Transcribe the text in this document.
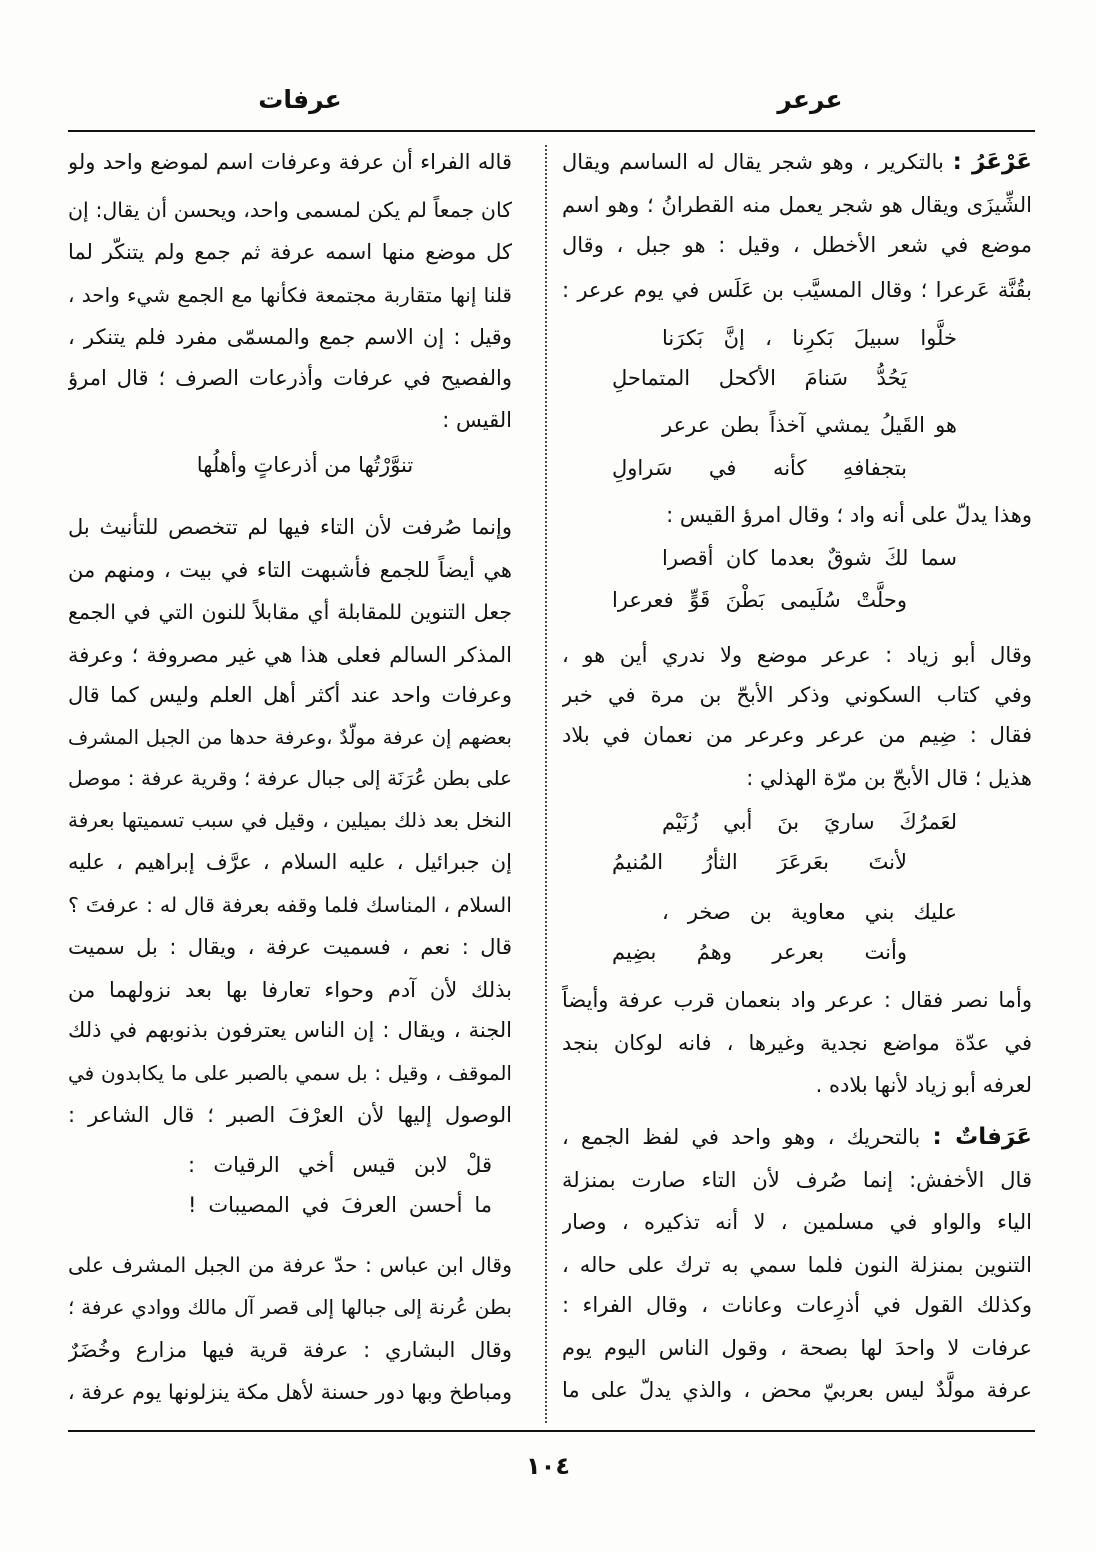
عرعر
عرفات
عَرْعَرُ : بالتكرير ، وهو شجر يقال له الساسم ويقال
الشِّيزَى ويقال هو شجر يعمل منه القطرانُ ؛ وهو اسم
موضع في شعر الأخطل ، وقيل : هو جبل ، وقال
بقُنَّة عَرعرا ؛ وقال المسيَّب بن عَلَس في يوم عرعر :
خلَّوا سبيلَ بَكرِنا ، إنَّ بَكرَنا
يَحُدُّ سَنامَ الأكحل المتماحلِ
هو القَيلُ يمشي آخذاً بطن عرعر
بتجفافهِ كأنه في سَراولِ
وهذا يدلّ على أنه واد ؛ وقال امرؤ القيس :
سما لكَ شوقٌ بعدما كان أقصرا
وحلَّتْ سُلَيمى بَطْنَ قَوٍّ فعرعرا
وقال أبو زياد : عرعر موضع ولا ندري أين هو ،
وفي كتاب السكوني وذكر الأبحّ بن مرة في خبر
فقال : ضِيم من عرعر وعرعر من نعمان في بلاد
هذيل ؛ قال الأبحّ بن مرّة الهذلي :
لعَمرُكَ ساريَ بنَ أبي زُنَيْم
لأنتَ بعَرعَرَ الثأرُ المُنيمُ
عليك بني معاوية بن صخر ،
وأنت بعرعر وهمُ بضِيم
وأما نصر فقال : عرعر واد بنعمان قرب عرفة وأيضاً
في عدّة مواضع نجدية وغيرها ، فانه لوكان بنجد
لعرفه أبو زياد لأنها بلاده .
عَرَفاتٌ : بالتحريك ، وهو واحد في لفظ الجمع ،
قال الأخفش: إنما صُرف لأن التاء صارت بمنزلة
الياء والواو في مسلمين ، لا أنه تذكيره ، وصار
التنوين بمنزلة النون فلما سمي به ترك على حاله ،
وكذلك القول في أذرِعات وعانات ، وقال الفراء :
عرفات لا واحدَ لها بصحة ، وقول الناس اليوم يوم
عرفة مولَّدٌ ليس بعربيّ محض ، والذي يدلّ على ما
قاله الفراء أن عرفة وعرفات اسم لموضع واحد ولو
كان جمعاً لم يكن لمسمى واحد، ويحسن أن يقال: إن
كل موضع منها اسمه عرفة ثم جمع ولم يتنكّر لما
قلنا إنها متقاربة مجتمعة فكأنها مع الجمع شيء واحد ،
وقيل : إن الاسم جمع والمسمّى مفرد فلم يتنكر ،
والفصيح في عرفات وأذرعات الصرف ؛ قال امرؤ
القيس :
تنوَّرْتُها من أذرعاتٍ وأهلُها
وإنما صُرفت لأن التاء فيها لم تتخصص للتأنيث بل
هي أيضاً للجمع فأشبهت التاء في بيت ، ومنهم من
جعل التنوين للمقابلة أي مقابلاً للنون التي في الجمع
المذكر السالم فعلى هذا هي غير مصروفة ؛ وعرفة
وعرفات واحد عند أكثر أهل العلم وليس كما قال
بعضهم إن عرفة مولّدٌ ،وعرفة حدها من الجبل المشرف
على بطن عُرَنَة إلى جبال عرفة ؛ وقرية عرفة : موصل
النخل بعد ذلك بميلين ، وقيل في سبب تسميتها بعرفة
إن جبرائيل ، عليه السلام ، عرَّف إبراهيم ، عليه
السلام ، المناسك فلما وقفه بعرفة قال له : عرفتَ ؟
قال : نعم ، فسميت عرفة ، ويقال : بل سميت
بذلك لأن آدم وحواء تعارفا بها بعد نزولهما من
الجنة ، ويقال : إن الناس يعترفون بذنوبهم في ذلك
الموقف ، وقيل : بل سمي بالصبر على ما يكابدون في
الوصول إليها لأن العرْفَ الصبر ؛ قال الشاعر :
قلْ لابن قيس أخي الرقيات :
ما أحسن العرفَ في المصيبات !
وقال ابن عباس : حدّ عرفة من الجبل المشرف على
بطن عُرنة إلى جبالها إلى قصر آل مالك ووادي عرفة ؛
وقال البشاري : عرفة قرية فيها مزارع وخُضَرٌ
ومباطخ وبها دور حسنة لأهل مكة ينزلونها يوم عرفة ،
١٠٤
